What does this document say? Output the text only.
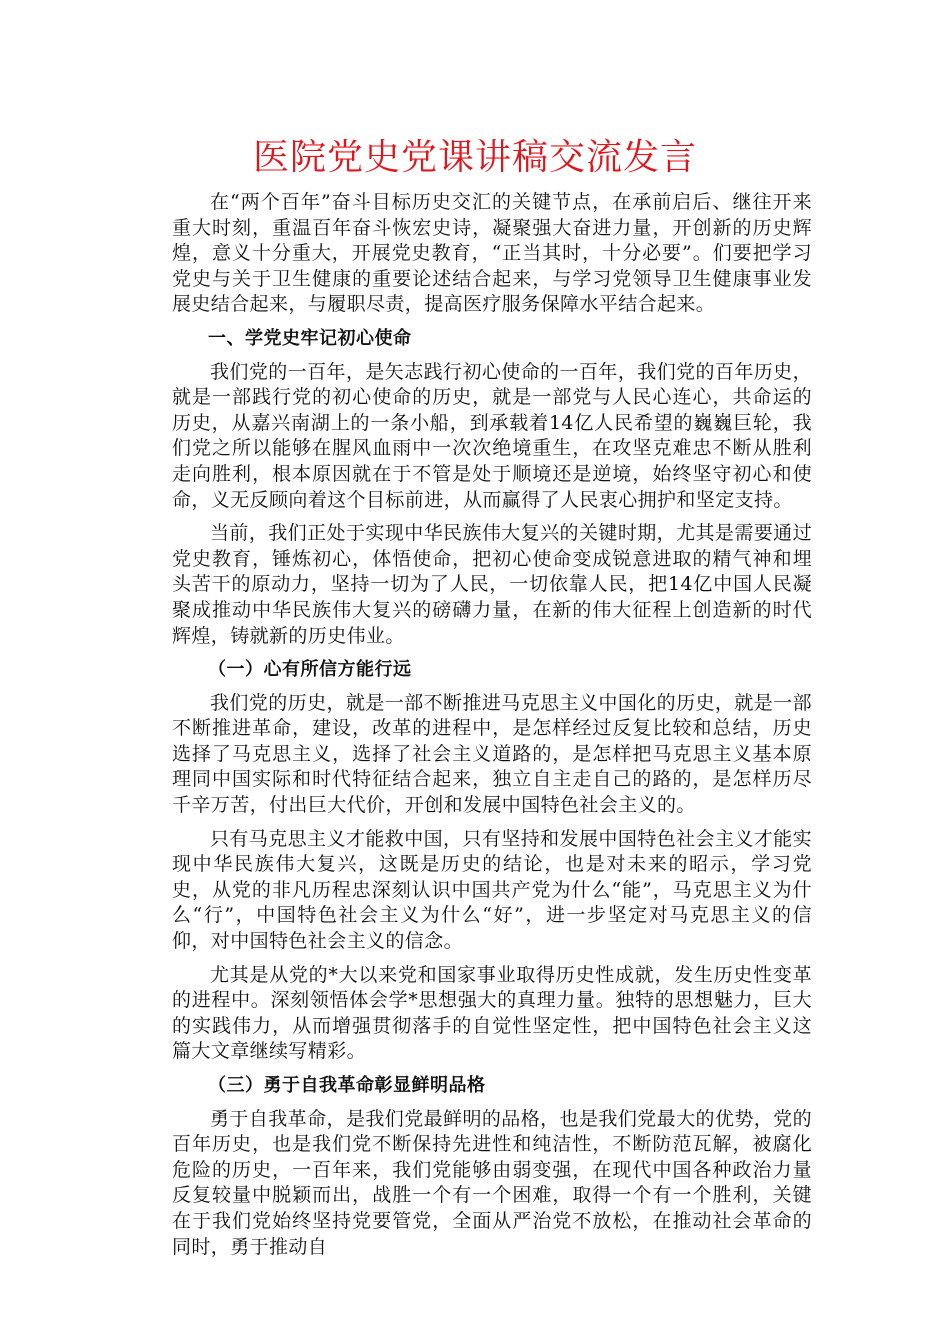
医院党史党课讲稿交流发言

在“两个百年”奋斗目标历史交汇的关键节点，在承前启后、继往开来重大时刻，重温百年奋斗恢宏史诗，凝聚强大奋进力量，开创新的历史辉煌，意义十分重大，开展党史教育，“正当其时，十分必要”。们要把学习党史与关于卫生健康的重要论述结合起来，与学习党领导卫生健康事业发展史结合起来，与履职尽责，提高医疗服务保障水平结合起来。

一、学党史牢记初心使命

我们党的一百年，是矢志践行初心使命的一百年，我们党的百年历史，就是一部践行党的初心使命的历史，就是一部党与人民心连心，共命运的历史，从嘉兴南湖上的一条小船，到承载着14亿人民希望的巍巍巨轮，我们党之所以能够在腥风血雨中一次次绝境重生，在攻坚克难忠不断从胜利走向胜利，根本原因就在于不管是处于顺境还是逆境，始终坚守初心和使命，义无反顾向着这个目标前进，从而赢得了人民衷心拥护和坚定支持。

当前，我们正处于实现中华民族伟大复兴的关键时期，尤其是需要通过党史教育，锤炼初心，体悟使命，把初心使命变成锐意进取的精气神和埋头苦干的原动力，坚持一切为了人民，一切依靠人民，把14亿中国人民凝聚成推动中华民族伟大复兴的磅礴力量，在新的伟大征程上创造新的时代辉煌，铸就新的历史伟业。

（一）心有所信方能行远

我们党的历史，就是一部不断推进马克思主义中国化的历史，就是一部不断推进革命，建设，改革的进程中，是怎样经过反复比较和总结，历史选择了马克思主义，选择了社会主义道路的，是怎样把马克思主义基本原理同中国实际和时代特征结合起来，独立自主走自己的路的，是怎样历尽千辛万苦，付出巨大代价，开创和发展中国特色社会主义的。

只有马克思主义才能救中国，只有坚持和发展中国特色社会主义才能实现中华民族伟大复兴，这既是历史的结论，也是对未来的昭示，学习党史，从党的非凡历程忠深刻认识中国共产党为什么“能”，马克思主义为什么“行”，中国特色社会主义为什么“好”，进一步坚定对马克思主义的信仰，对中国特色社会主义的信念。

尤其是从党的*大以来党和国家事业取得历史性成就，发生历史性变革的进程中。深刻领悟体会学*思想强大的真理力量。独特的思想魅力，巨大的实践伟力，从而增强贯彻落手的自觉性坚定性，把中国特色社会主义这篇大文章继续写精彩。

（三）勇于自我革命彰显鲜明品格

勇于自我革命，是我们党最鲜明的品格，也是我们党最大的优势，党的百年历史，也是我们党不断保持先进性和纯洁性，不断防范瓦解，被腐化危险的历史，一百年来，我们党能够由弱变强，在现代中国各种政治力量反复较量中脱颖而出，战胜一个有一个困难，取得一个有一个胜利，关键在于我们党始终坚持党要管党，全面从严治党不放松，在推动社会革命的同时，勇于推动自
